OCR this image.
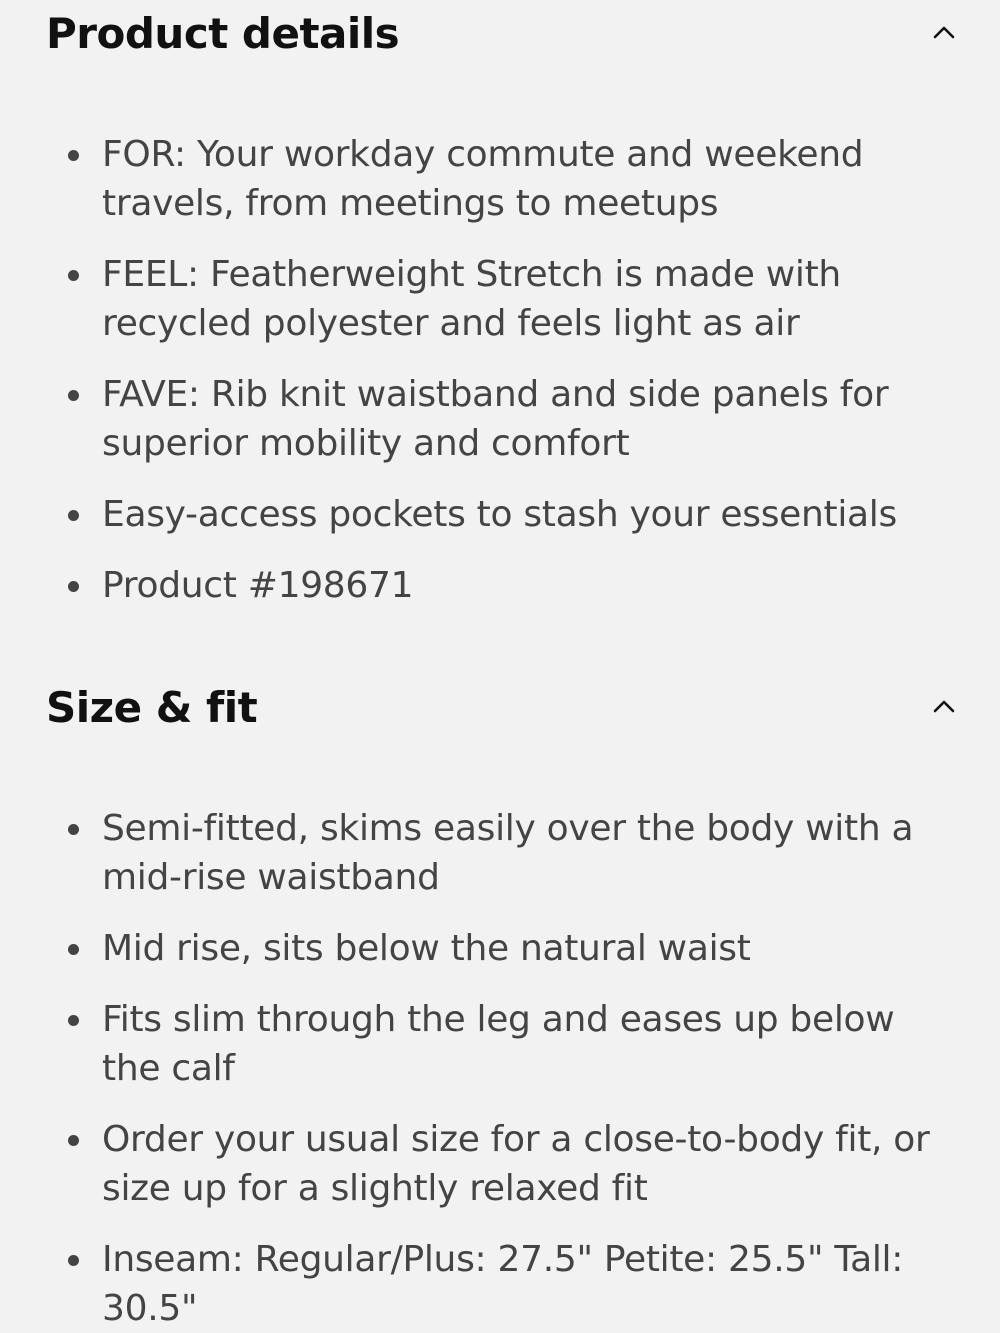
Product details
FOR: Your workday commute and weekend travels, from meetings to meetups
FEEL: Featherweight Stretch is made with recycled polyester and feels light as air
FAVE: Rib knit waistband and side panels for superior mobility and comfort
Easy-access pockets to stash your essentials
Product #198671
Size & fit
Semi-fitted, skims easily over the body with a mid-rise waistband
Mid rise, sits below the natural waist
Fits slim through the leg and eases up below the calf
Order your usual size for a close-to-body fit, or size up for a slightly relaxed fit
Inseam: Regular/Plus: 27.5" Petite: 25.5" Tall: 30.5"
